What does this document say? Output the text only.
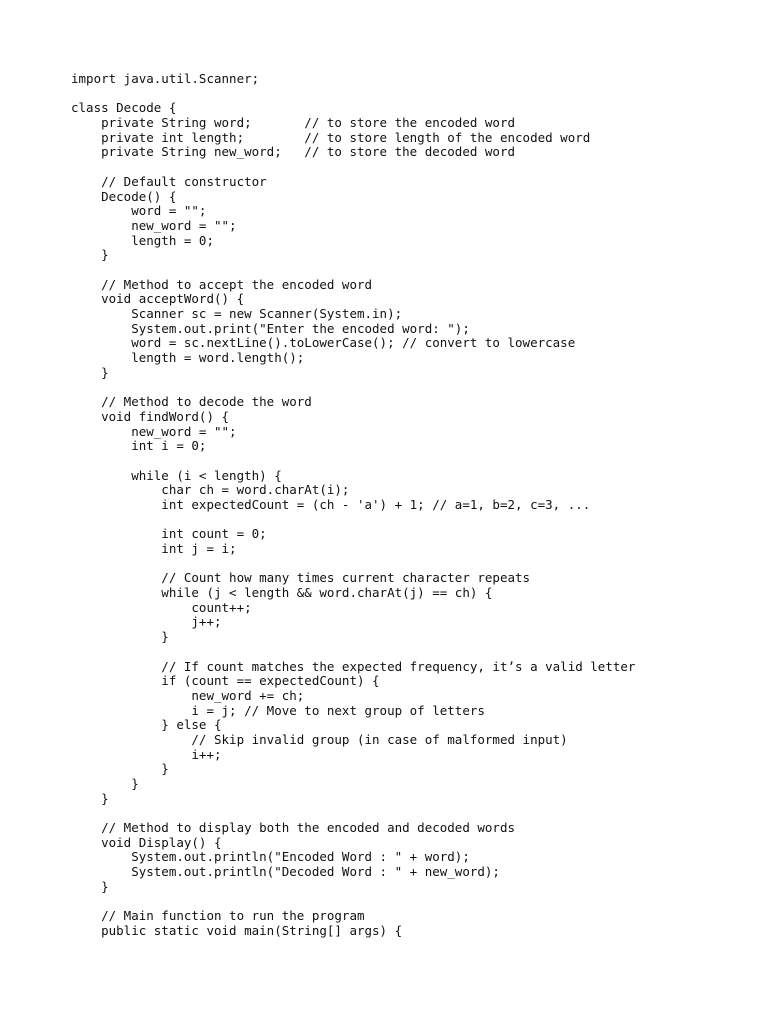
import java.util.Scanner;
class Decode {
private String word;       // to store the encoded word
private int length;        // to store length of the encoded word
private String new_word;   // to store the decoded word
// Default constructor
Decode() {
word = "";
new_word = "";
length = 0;
}
// Method to accept the encoded word
void acceptWord() {
Scanner sc = new Scanner(System.in);
System.out.print("Enter the encoded word: ");
word = sc.nextLine().toLowerCase(); // convert to lowercase
length = word.length();
}
// Method to decode the word
void findWord() {
new_word = "";
int i = 0;
while (i < length) {
char ch = word.charAt(i);
int expectedCount = (ch - 'a') + 1; // a=1, b=2, c=3, ...
int count = 0;
int j = i;
// Count how many times current character repeats
while (j < length && word.charAt(j) == ch) {
count++;
j++;
}
// If count matches the expected frequency, it’s a valid letter
if (count == expectedCount) {
new_word += ch;
i = j; // Move to next group of letters
} else {
// Skip invalid group (in case of malformed input)
i++;
}
}
}
// Method to display both the encoded and decoded words
void Display() {
System.out.println("Encoded Word : " + word);
System.out.println("Decoded Word : " + new_word);
}
// Main function to run the program
public static void main(String[] args) {
